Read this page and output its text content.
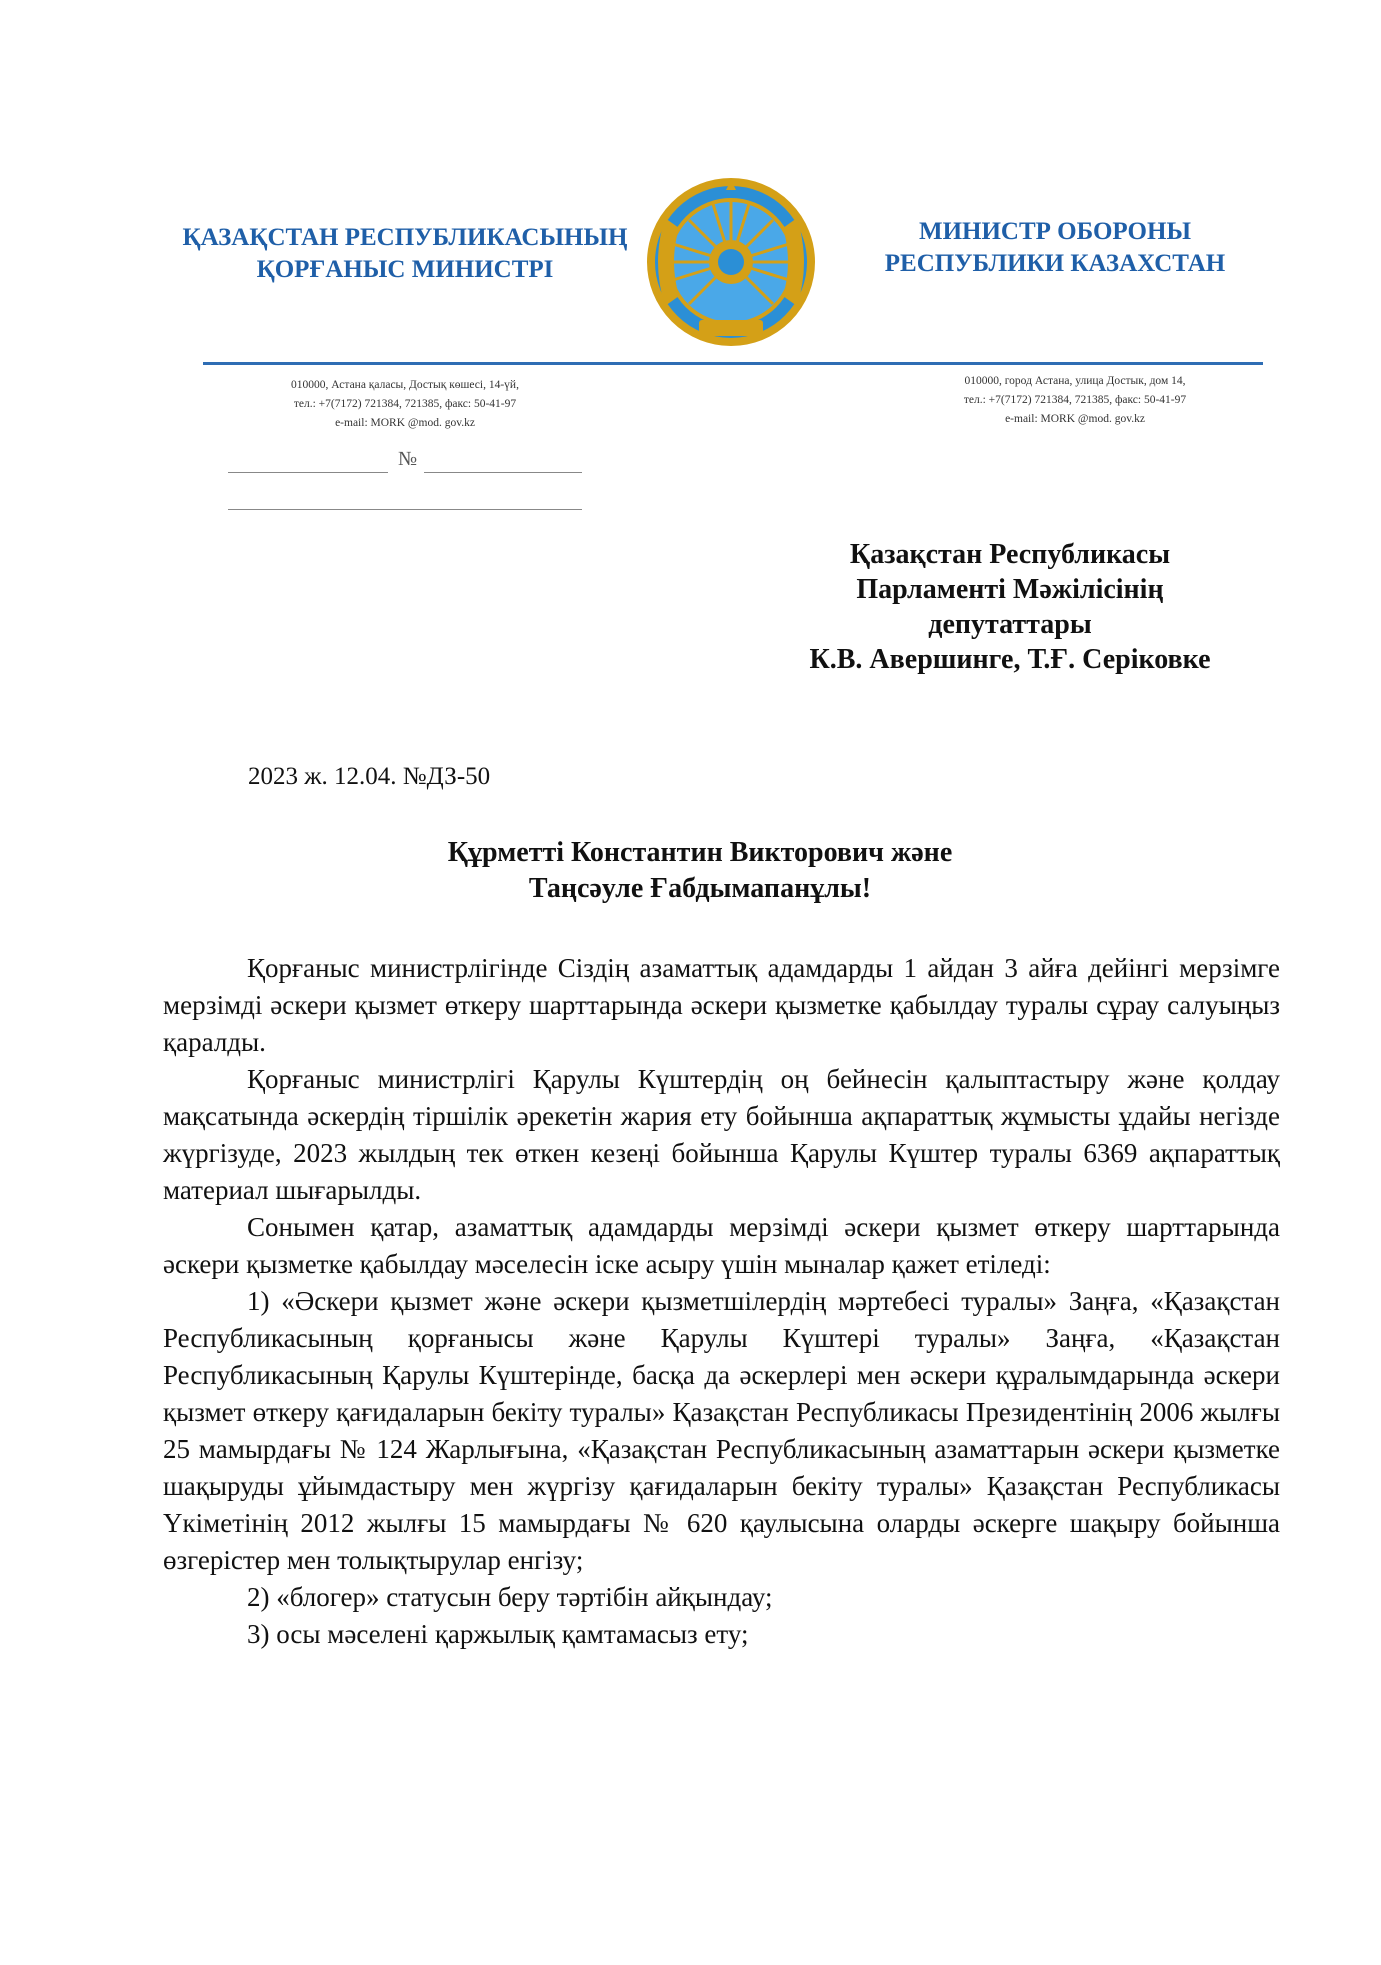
ҚАЗАҚСТАН РЕСПУБЛИКАСЫНЫҢ
ҚОРҒАНЫС МИНИСТРІ
МИНИСТР ОБОРОНЫ
РЕСПУБЛИКИ КАЗАХСТАН
010000, Астана қаласы, Достық көшесі, 14-үй,
тел.: +7(7172) 721384, 721385, факс: 50-41-97
e-mail: MORK @mod. gov.kz
010000, город Астана, улица Достык, дом 14,
тел.: +7(7172) 721384, 721385, факс: 50-41-97
e-mail: MORK @mod. gov.kz
№
Қазақстан Республикасы
Парламенті Мәжілісінің
депутаттары
К.В. Авершинге, Т.Ғ. Серіковке
2023 ж. 12.04. №ДЗ-50
Құрметті Константин Викторович және
Таңсәуле Ғабдымапанұлы!

Қорғаныс министрлігінде Сіздің азаматтық адамдарды 1 айдан 3 айға дейінгі мерзімге мерзімді әскери қызмет өткеру шарттарында әскери қызметке қабылдау туралы сұрау салуыңыз қаралды.

Қорғаныс министрлігі Қарулы Күштердің оң бейнесін қалыптастыру және қолдау мақсатында әскердің тіршілік әрекетін жария ету бойынша ақпараттық жұмысты ұдайы негізде жүргізуде, 2023 жылдың тек өткен кезеңі бойынша Қарулы Күштер туралы 6369 ақпараттық материал шығарылды.

Сонымен қатар, азаматтық адамдарды мерзімді әскери қызмет өткеру шарттарында әскери қызметке қабылдау мәселесін іске асыру үшін мыналар қажет етіледі:

1) «Әскери қызмет және әскери қызметшілердің мәртебесі туралы» Заңға, «Қазақстан Республикасының қорғанысы және Қарулы Күштері туралы» Заңға, «Қазақстан Республикасының Қарулы Күштерінде, басқа да әскерлері мен әскери құралымдарында әскери қызмет өткеру қағидаларын бекіту туралы» Қазақстан Республикасы Президентінің 2006 жылғы 25 мамырдағы № 124 Жарлығына, «Қазақстан Республикасының азаматтарын әскери қызметке шақыруды ұйымдастыру мен жүргізу қағидаларын бекіту туралы» Қазақстан Республикасы Үкіметінің 2012 жылғы 15 мамырдағы № 620 қаулысына оларды әскерге шақыру бойынша өзгерістер мен толықтырулар енгізу;

2) «блогер» статусын беру тәртібін айқындау;

3) осы мәселені қаржылық қамтамасыз ету;
